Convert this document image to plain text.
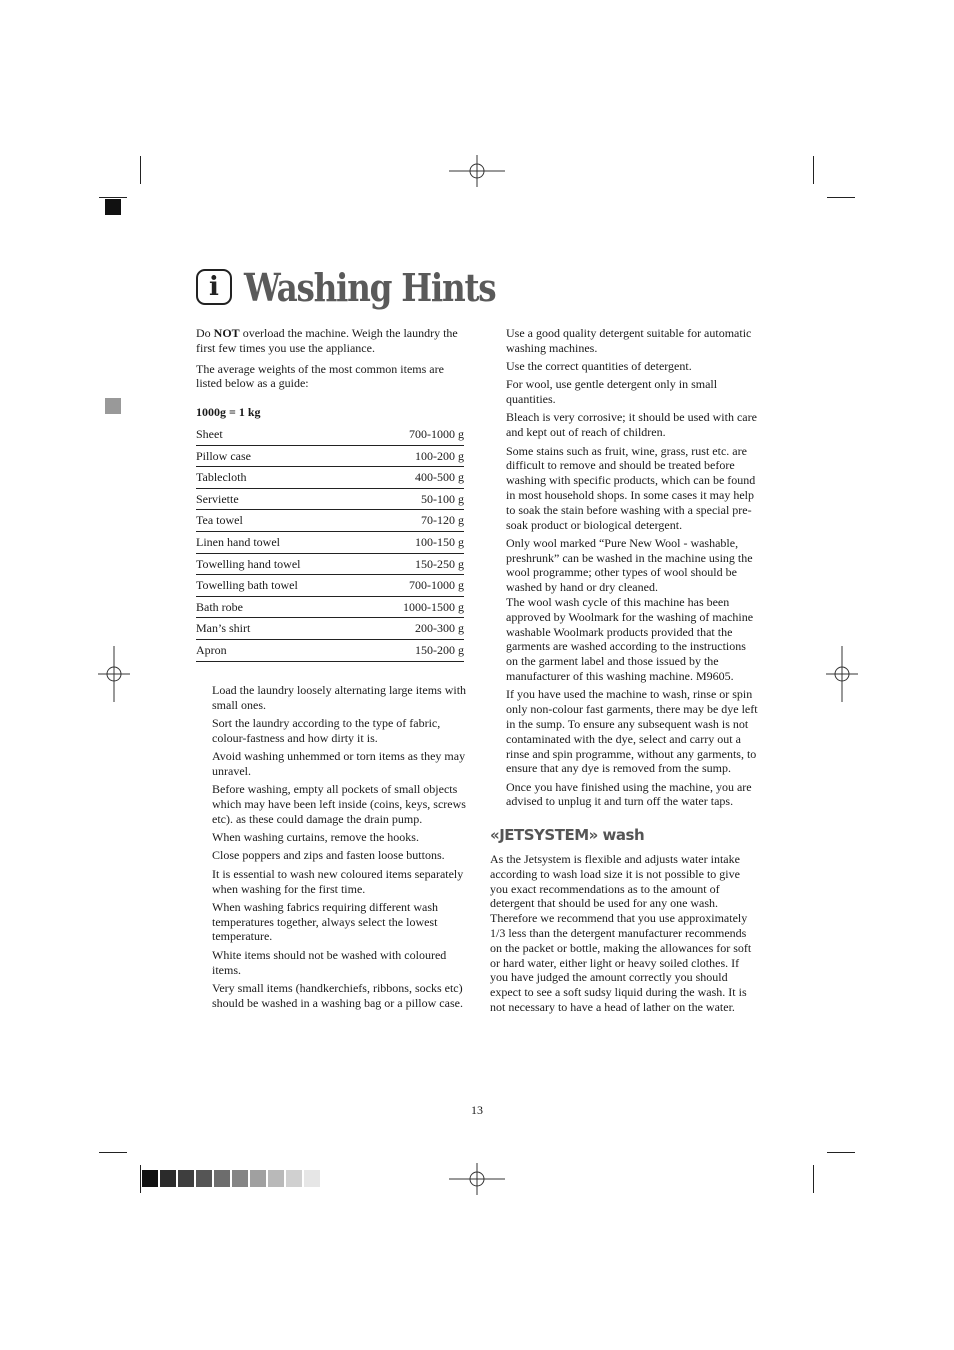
i Washing Hints

Do NOT overload the machine. Weigh the laundry the first few times you use the appliance.

The average weights of the most common items are listed below as a guide:

1000g = 1 kg
Sheet	700-1000 g
Pillow case	100-200 g
Tablecloth	400-500 g
Serviette	50-100 g
Tea towel	70-120 g
Linen hand towel	100-150 g
Towelling hand towel	150-250 g
Towelling bath towel	700-1000 g
Bath robe	1000-1500 g
Man’s shirt	200-300 g
Apron	150-200 g

Load the laundry loosely alternating large items with small ones.

Sort the laundry according to the type of fabric, colour-fastness and how dirty it is.

Avoid washing unhemmed or torn items as they may unravel.

Before washing, empty all pockets of small objects which may have been left inside (coins, keys, screws etc). as these could damage the drain pump.

When washing curtains, remove the hooks.

Close poppers and zips and fasten loose buttons.

It is essential to wash new coloured items separately when washing for the first time.

When washing fabrics requiring different wash temperatures together, always select the lowest temperature.

White items should not be washed with coloured items.

Very small items (handkerchiefs, ribbons, socks etc) should be washed in a washing bag or a pillow case.

Use a good quality detergent suitable for automatic washing machines.

Use the correct quantities of detergent.

For wool, use gentle detergent only in small quantities.

Bleach is very corrosive; it should be used with care and kept out of reach of children.

Some stains such as fruit, wine, grass, rust etc. are difficult to remove and should be treated before washing with specific products, which can be found in most household shops. In some cases it may help to soak the stain before washing with a special pre-soak product or biological detergent.

Only wool marked “Pure New Wool - washable, preshrunk” can be washed in the machine using the wool programme; other types of wool should be washed by hand or dry cleaned.

The wool wash cycle of this machine has been approved by Woolmark for the washing of machine washable Woolmark products provided that the garments are washed according to the instructions on the garment label and those issued by the manufacturer of this washing machine. M9605.

If you have used the machine to wash, rinse or spin only non-colour fast garments, there may be dye left in the sump. To ensure any subsequent wash is not contaminated with the dye, select and carry out a rinse and spin programme, without any garments, to ensure that any dye is removed from the sump.

Once you have finished using the machine, you are advised to unplug it and turn off the water taps.

«JETSYSTEM» wash

As the Jetsystem is flexible and adjusts water intake according to wash load size it is not possible to give you exact recommendations as to the amount of detergent that should be used for any one wash.

Therefore we recommend that you use approximately 1/3 less than the detergent manufacturer recommends on the packet or bottle, making the allowances for soft or hard water, either light or heavy soiled clothes. If you have judged the amount correctly you should expect to see a soft sudsy liquid during the wash. It is not necessary to have a head of lather on the water.

13
